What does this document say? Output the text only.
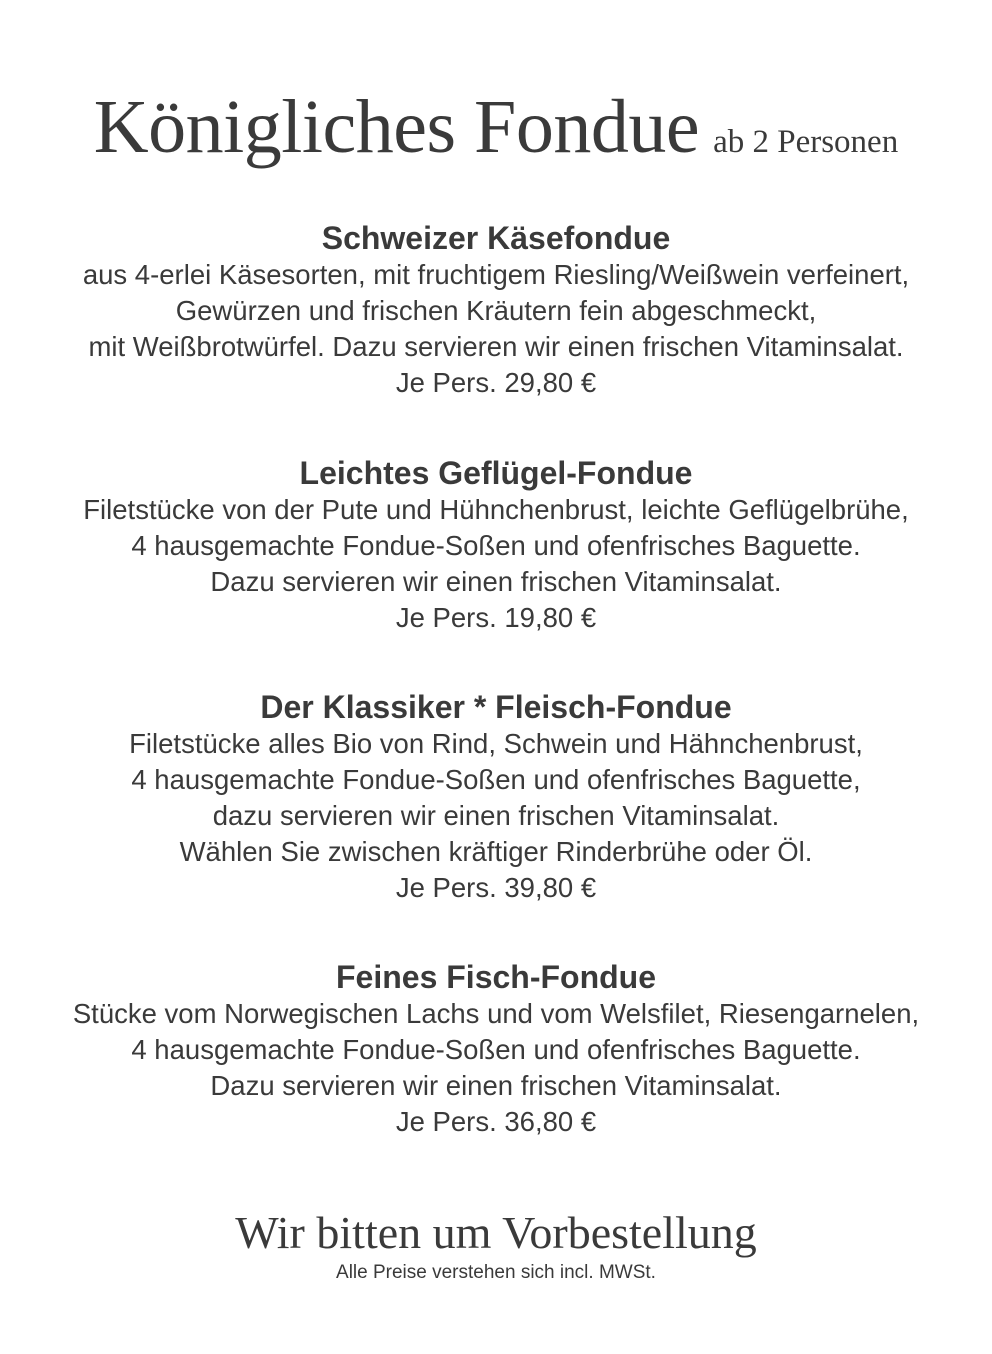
Königliches Fondue ab 2 Personen
Schweizer Käsefondue
aus 4-erlei Käsesorten, mit fruchtigem Riesling/Weißwein verfeinert,
Gewürzen und frischen Kräutern fein abgeschmeckt,
mit Weißbrotwürfel. Dazu servieren wir einen frischen Vitaminsalat.
Je Pers. 29,80 €
Leichtes Geflügel-Fondue
Filetstücke von der Pute und Hühnchenbrust, leichte Geflügelbrühe,
4 hausgemachte Fondue-Soßen und ofenfrisches Baguette.
Dazu servieren wir einen frischen Vitaminsalat.
Je Pers. 19,80 €
Der Klassiker * Fleisch-Fondue
Filetstücke alles Bio von Rind, Schwein und Hähnchenbrust,
4 hausgemachte Fondue-Soßen und ofenfrisches Baguette,
dazu servieren wir einen frischen Vitaminsalat.
Wählen Sie zwischen kräftiger Rinderbrühe oder Öl.
Je Pers. 39,80 €
Feines Fisch-Fondue
Stücke vom Norwegischen Lachs und vom Welsfilet, Riesengarnelen,
4 hausgemachte Fondue-Soßen und ofenfrisches Baguette.
Dazu servieren wir einen frischen Vitaminsalat.
Je Pers. 36,80 €
Wir bitten um Vorbestellung
Alle Preise verstehen sich incl. MWSt.
